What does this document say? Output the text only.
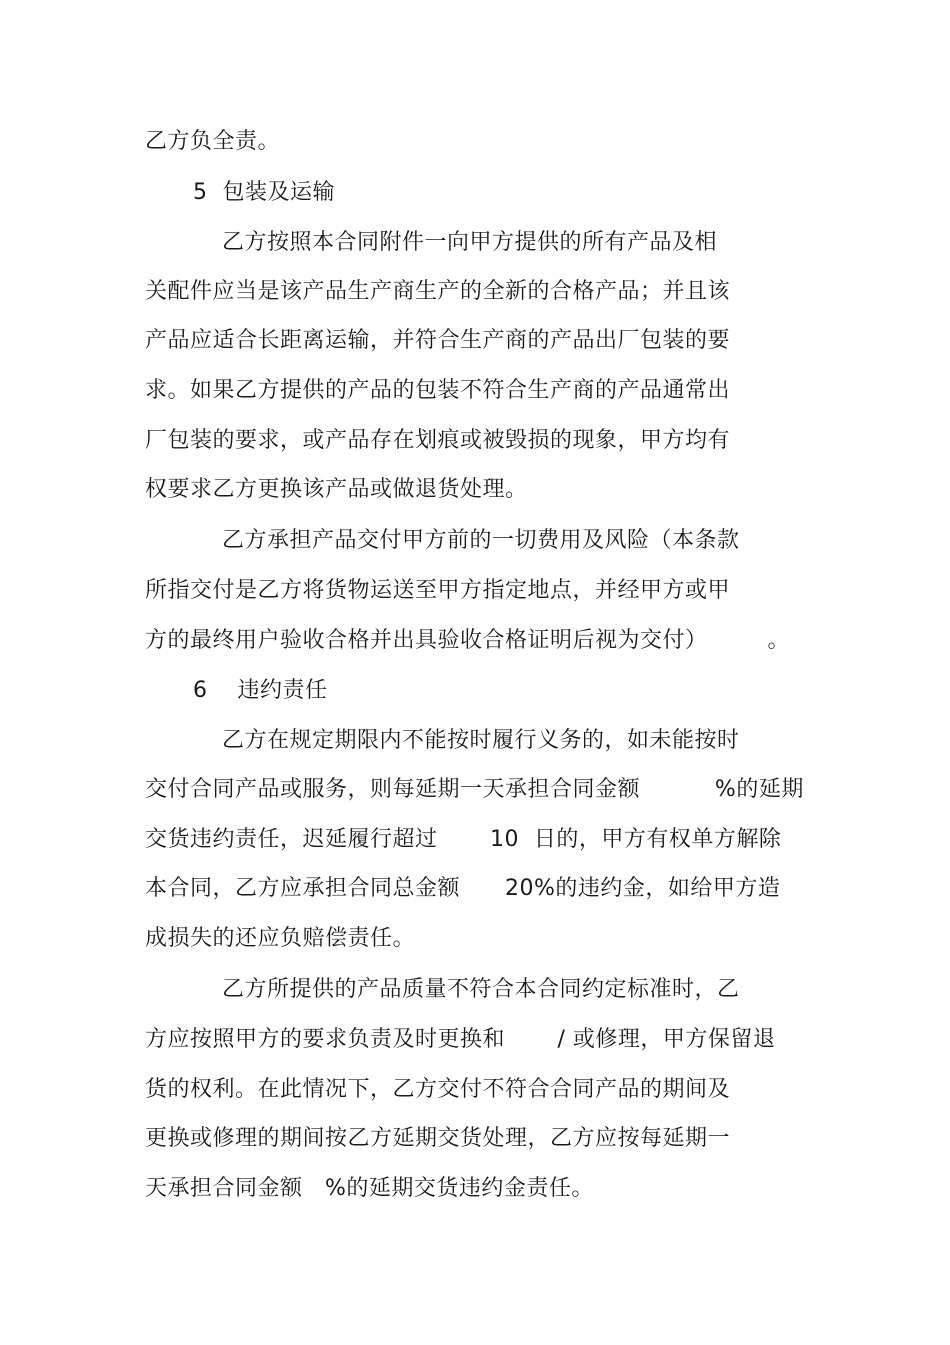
乙方负全责。
5  包装及运输
乙方按照本合同附件一向甲方提供的所有产品及相
关配件应当是该产品生产商生产的全新的合格产品；并且该
产品应适合长距离运输，并符合生产商的产品出厂包装的要
求。如果乙方提供的产品的包装不符合生产商的产品通常出
厂包装的要求，或产品存在划痕或被毁损的现象，甲方均有
权要求乙方更换该产品或做退货处理。
乙方承担产品交付甲方前的一切费用及风险（本条款
所指交付是乙方将货物运送至甲方指定地点，并经甲方或甲
方的最终用户验收合格并出具验收合格证明后视为交付）        。
6    违约责任
乙方在规定期限内不能按时履行义务的，如未能按时
交付合同产品或服务，则每延期一天承担合同金额          %的延期
交货违约责任，迟延履行超过       10  日的，甲方有权单方解除
本合同，乙方应承担合同总金额      20%的违约金，如给甲方造
成损失的还应负赔偿责任。
乙方所提供的产品质量不符合本合同约定标准时，乙
方应按照甲方的要求负责及时更换和       / 或修理，甲方保留退
货的权利。在此情况下，乙方交付不符合合同产品的期间及
更换或修理的期间按乙方延期交货处理，乙方应按每延期一
天承担合同金额   %的延期交货违约金责任。
